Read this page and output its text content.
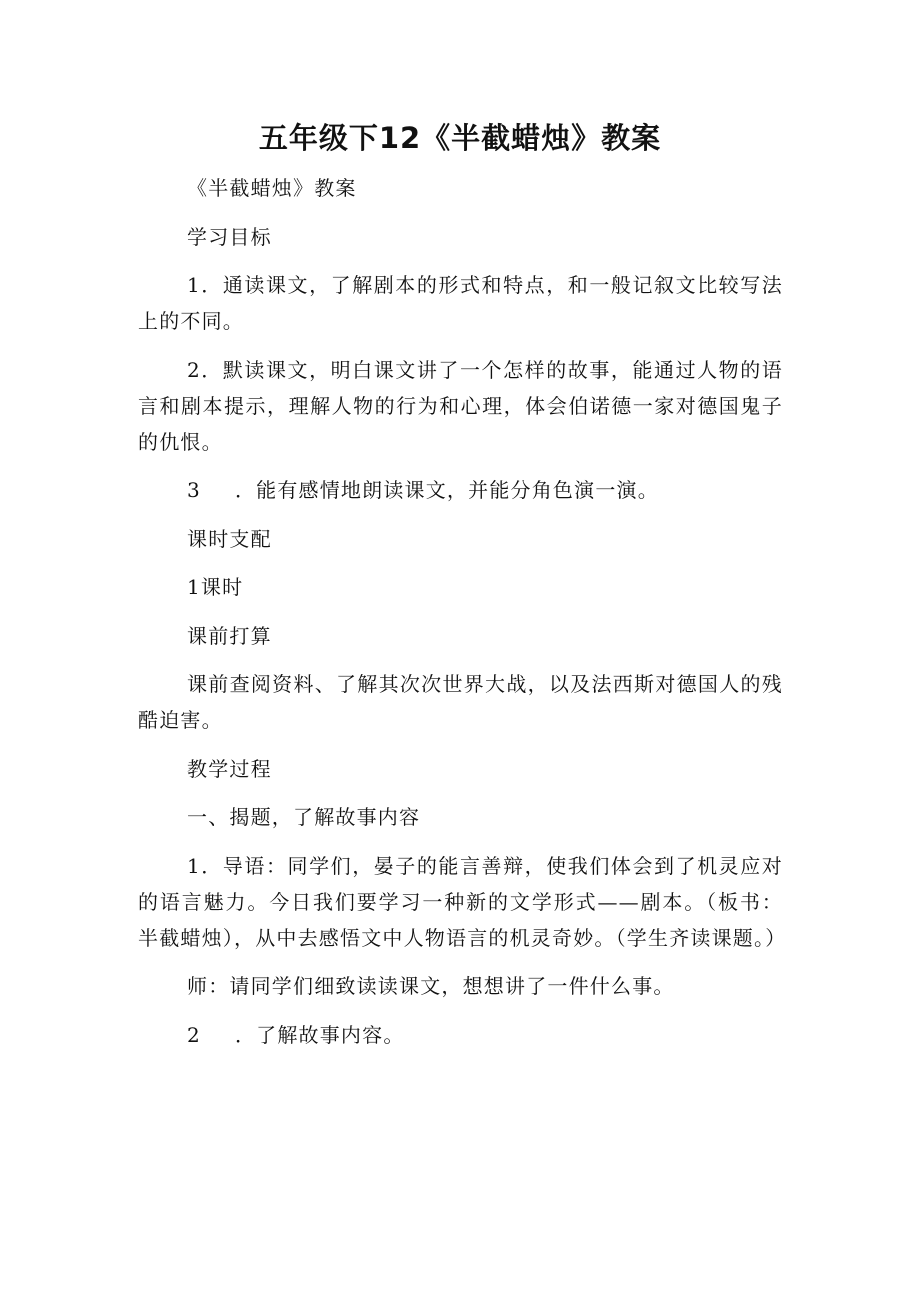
五年级下12《半截蜡烛》教案

《半截蜡烛》教案

学习目标

1．通读课文，了解剧本的形式和特点，和一般记叙文比较写法上的不同。

2．默读课文，明白课文讲了一个怎样的故事，能通过人物的语言和剧本提示，理解人物的行为和心理，体会伯诺德一家对德国鬼子的仇恨。

3 ．能有感情地朗读课文，并能分角色演一演。

课时支配

1课时

课前打算

课前查阅资料、了解其次次世界大战，以及法西斯对德国人的残酷迫害。

教学过程

一、揭题，了解故事内容

1．导语：同学们，晏子的能言善辩，使我们体会到了机灵应对的语言魅力。今日我们要学习一种新的文学形式——剧本。（板书：半截蜡烛），从中去感悟文中人物语言的机灵奇妙。（学生齐读课题。）

师：请同学们细致读读课文，想想讲了一件什么事。

2 ．了解故事内容。
